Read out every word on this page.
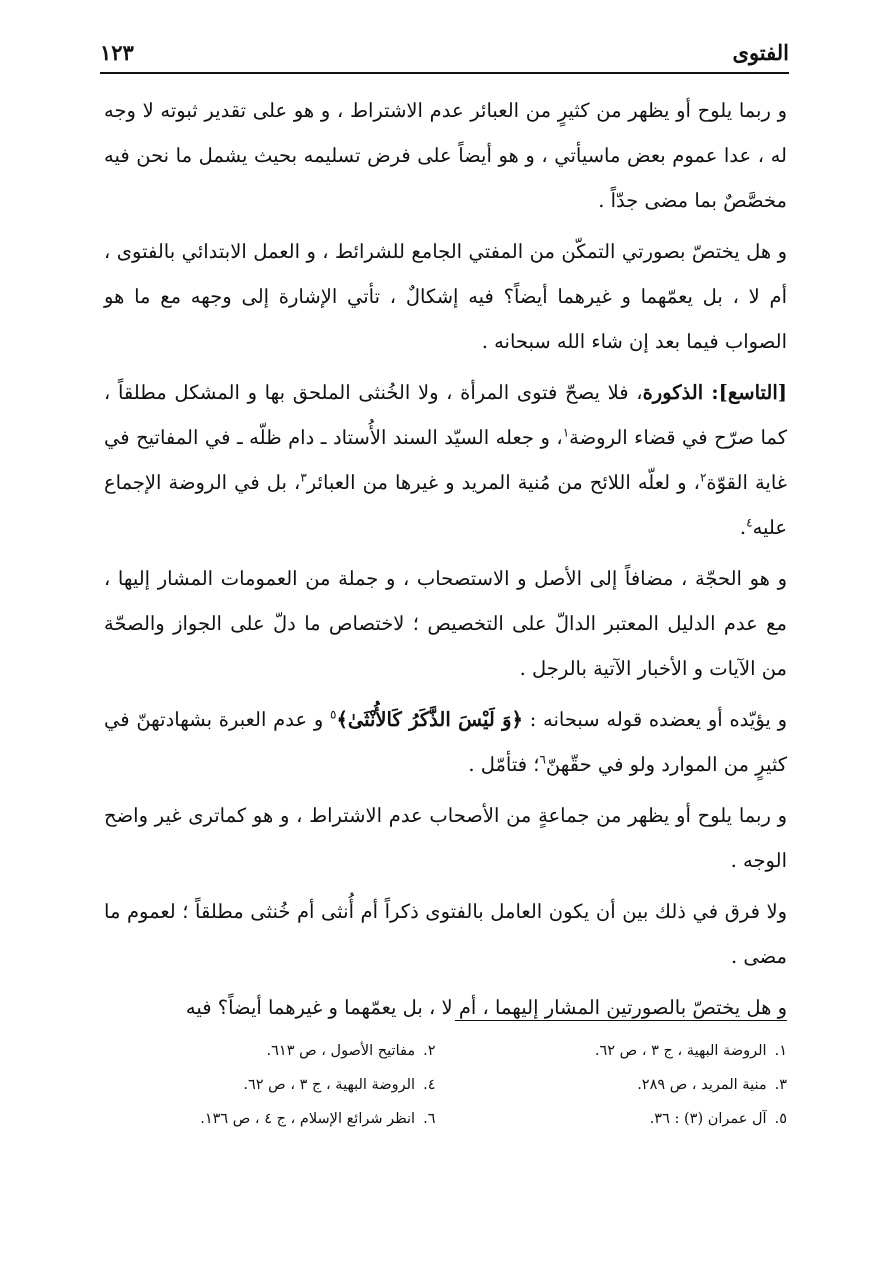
الفتوى
١٢٣

و ربما يلوح أو يظهر من كثيرٍ من العبائر عدم الاشتراط ، و هو على تقدير ثبوته لا وجه له ، عدا عموم بعض ماسيأتي ، و هو أيضاً على فرض تسليمه بحيث يشمل ما نحن فيه مخصَّصٌ بما مضى جدّاً .

و هل يختصّ بصورتي التمكّن من المفتي الجامع للشرائط ، و العمل الابتدائي بالفتوى ، أم لا ، بل يعمّهما و غيرهما أيضاً؟ فيه إشكالٌ ، تأتي الإشارة إلى وجهه مع ما هو الصواب فيما بعد إن شاء الله سبحانه .

[التاسع]: الذكورة، فلا يصحّ فتوى المرأة ، ولا الخُنثى الملحق بها و المشكل مطلقاً ، كما صرّح في قضاء الروضة$^١$، و جعله السيّد السند الأُستاد ـ دام ظلّه ـ في المفاتيح في غاية القوّة$^٢$، و لعلّه اللائح من مُنية المريد و غيرها من العبائر$^٣$، بل في الروضة الإجماع عليه$^٤$.

و هو الحجّة ، مضافاً إلى الأصل و الاستصحاب ، و جملة من العمومات المشار إليها ، مع عدم الدليل المعتبر الدالّ على التخصيص ؛ لاختصاص ما دلّ على الجواز والصحّة من الآيات و الأخبار الآتية بالرجل .

و يؤيّده أو يعضده قوله سبحانه : ﴿وَ لَيْسَ الذَّكَرُ كَالأُنْثَىٰ﴾$^٥$ و عدم العبرة بشهادتهنّ في كثيرٍ من الموارد ولو في حقّهنّ$^٦$؛ فتأمّل .

و ربما يلوح أو يظهر من جماعةٍ من الأصحاب عدم الاشتراط ، و هو كماترى غير واضح الوجه .

ولا فرق في ذلك بين أن يكون العامل بالفتوى ذكراً أم أُنثى أم خُنثى مطلقاً ؛ لعموم ما مضى .

و هل يختصّ بالصورتين المشار إليهما ، أم لا ، بل يعمّهما و غيرهما أيضاً؟ فيه

١.الروضة البهية ، ج ٣ ، ص ٦٢.
٢.مفاتيح الأصول ، ص ٦١٣.
٣.منية المريد ، ص ٢٨٩.
٤.الروضة البهية ، ج ٣ ، ص ٦٢.
٥.آل عمران (٣) : ٣٦.
٦.انظر شرائع الإسلام ، ج ٤ ، ص ١٣٦.
